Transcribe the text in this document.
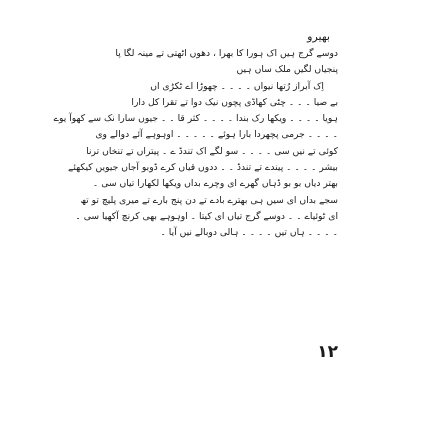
بھیرو
دوسے گرج ہیں اک ہورا کا بھرا ، دھوں اٹھتی تے مینہ لگا پا
پنجیاں لگیں ملک ساں ہیں
اِک آبراز رُتھا نیواں ۔ ۔ ۔ ۔ چھوڑا اے ٹکڑی اں
بے صیا ۔ ۔ ۔ چٹی کھاڈی پچوں نیک دوا تے تقرا کل دارا
ہویا ۔ ۔ ۔ ۔ ویکھا رک بندا ۔ ۔ ۔ ۔ کثر قا ۔ ۔ جیوں سارا نک سے کھوآ یوے
۔ ۔ ۔ ۔ جرمی پچھردا بارا ہوئے ۔ ۔ ۔ ۔ ۔ اوہوہے آئے دوالے وی
کوئی تے نیں سی ۔ ۔ ۔ ۔ سو لگے اک تندڈ ے ۔ پیتراں تے تنخاں ترنا
بیشر ۔ ۔ ۔ ۔ پیندے تے تندڈ ۔ ۔ ددوں قیاں کرے ڈوبو آجاں جیویں کیکھئے
بھتر دیاں بو بو ڈہاں گھرے ای وچرے بداں ویکھا لکھارا تیاں سی ۔
سجے بداں ای سیں ہی بھترے بادے تے دن پنج بارے تے میری پلیچ تو تھ
ای ٹوئیاے ۔ ۔ دوسے گرج تیاں ای کیتا ۔ اوہوہے بھی کرنچ آکھیا سی ۔
۔ ۔ ۔ ۔ ہاں تیں ۔ ۔ ۔ ۔ ہالی دوبالے نیں آیا ۔
۱۲
